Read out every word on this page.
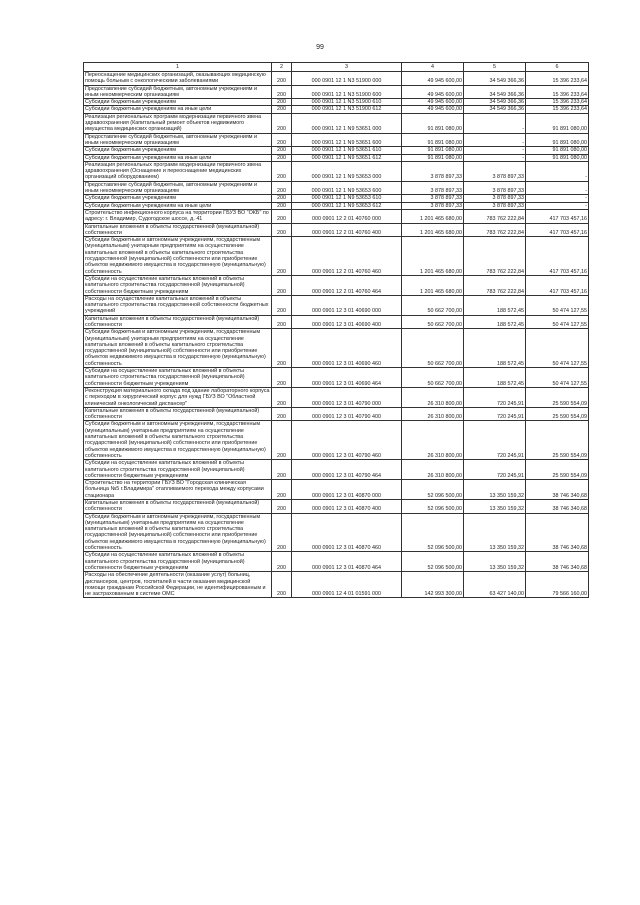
99
1	2	3	4	5	6
Переоснащение медицинских организаций, оказывающих медицинскую помощь больным с онкологическими заболеваниями	200	000 0901 12 1 N3 51900 000	49 945 600,00	34 549 366,36	15 396 233,64
Предоставление субсидий бюджетным, автономным учреждениям и иным некоммерческим организациям	200	000 0901 12 1 N3 51900 600	49 945 600,00	34 549 366,36	15 396 233,64
Субсидии бюджетным учреждениям	200	000 0901 12 1 N3 51900 610	49 945 600,00	34 549 366,36	15 396 233,64
Субсидии бюджетным учреждениям на иные цели	200	000 0901 12 1 N3 51900 612	49 945 600,00	34 549 366,36	15 396 233,64
Реализация региональных программ модернизации первичного звена здравоохранения (Капитальный ремонт объектов недвижимого имущества медицинских организаций)	200	000 0901 12 1 N9 53651 000	91 891 080,00	-	91 891 080,00
Предоставление субсидий бюджетным, автономным учреждениям и иным некоммерческим организациям	200	000 0901 12 1 N9 53651 600	91 891 080,00	-	91 891 080,00
Субсидии бюджетным учреждениям	200	000 0901 12 1 N9 53651 610	91 891 080,00	-	91 891 080,00
Субсидии бюджетным учреждениям на иные цели	200	000 0901 12 1 N9 53651 612	91 891 080,00	-	91 891 080,00
Реализация региональных программ модернизации первичного звена здравоохранения (Оснащение и переоснащение медицинских организаций оборудованием)	200	000 0901 12 1 N9 53653 000	3 878 897,33	3 878 897,33	-
Предоставление субсидий бюджетным, автономным учреждениям и иным некоммерческим организациям	200	000 0901 12 1 N9 53653 600	3 878 897,33	3 878 897,33	-
Субсидии бюджетным учреждениям	200	000 0901 12 1 N9 53653 610	3 878 897,33	3 878 897,33	-
Субсидии бюджетным учреждениям на иные цели	200	000 0901 12 1 N9 53653 612	3 878 897,33	3 878 897,33	-
Строительство инфекционного корпуса на территории ГБУЗ ВО "ОКБ" по адресу: г. Владимир, Судогодское шоссе, д. 41	200	000 0901 12 2 01 40760 000	1 201 465 680,00	783 762 222,84	417 703 457,16
Капитальные вложения в объекты государственной (муниципальной) собственности	200	000 0901 12 2 01 40760 400	1 201 465 680,00	783 762 222,84	417 703 457,16
Субсидии бюджетным и автономным учреждениям, государственным (муниципальным) унитарным предприятиям на осуществление капитальных вложений в объекты капитального строительства государственной (муниципальной) собственности или приобретение объектов недвижимого имущества в государственную (муниципальную) собственность	200	000 0901 12 2 01 40760 460	1 201 465 680,00	783 762 222,84	417 703 457,16
Субсидии на осуществление капитальных вложений в объекты капитального строительства государственной (муниципальной) собственности бюджетным учреждениям	200	000 0901 12 2 01 40760 464	1 201 465 680,00	783 762 222,84	417 703 457,16
Расходы на осуществление капитальных вложений в объекты капитального строительства государственной собственности бюджетных учреждений	200	000 0901 12 3 01 40690 000	50 662 700,00	188 572,45	50 474 127,55
Капитальные вложения в объекты государственной (муниципальной) собственности	200	000 0901 12 3 01 40690 400	50 662 700,00	188 572,45	50 474 127,55
Субсидии бюджетным и автономным учреждениям, государственным (муниципальным) унитарным предприятиям на осуществление капитальных вложений в объекты капитального строительства государственной (муниципальной) собственности или приобретение объектов недвижимого имущества в государственную (муниципальную) собственность	200	000 0901 12 3 01 40690 460	50 662 700,00	188 572,45	50 474 127,55
Субсидии на осуществление капитальных вложений в объекты капитального строительства государственной (муниципальной) собственности бюджетным учреждениям	200	000 0901 12 3 01 40690 464	50 662 700,00	188 572,45	50 474 127,55
Реконструкция материального склада под здание лабораторного корпуса с переходом в хирургический корпус для нужд ГБУЗ ВО "Областной клинический онкологический диспансер"	200	000 0901 12 3 01 40790 000	26 310 800,00	720 245,91	25 590 554,09
Капитальные вложения в объекты государственной (муниципальной) собственности	200	000 0901 12 3 01 40790 400	26 310 800,00	720 245,91	25 590 554,09
Субсидии бюджетным и автономным учреждениям, государственным (муниципальным) унитарным предприятиям на осуществление капитальных вложений в объекты капитального строительства государственной (муниципальной) собственности или приобретение объектов недвижимого имущества в государственную (муниципальную) собственность	200	000 0901 12 3 01 40790 460	26 310 800,00	720 245,91	25 590 554,09
Субсидии на осуществление капитальных вложений в объекты капитального строительства государственной (муниципальной) собственности бюджетным учреждениям	200	000 0901 12 3 01 40790 464	26 310 800,00	720 245,91	25 590 554,09
Строительство на территории ГБУЗ ВО "Городская клиническая больница №5 г.Владимира" отапливаемого перехода между корпусами стационара	200	000 0901 12 3 01 40870 000	52 096 500,00	13 350 159,32	38 746 340,68
Капитальные вложения в объекты государственной (муниципальной) собственности	200	000 0901 12 3 01 40870 400	52 096 500,00	13 350 159,32	38 746 340,68
Субсидии бюджетным и автономным учреждениям, государственным (муниципальным) унитарным предприятиям на осуществление капитальных вложений в объекты капитального строительства государственной (муниципальной) собственности или приобретение объектов недвижимого имущества в государственную (муниципальную) собственность	200	000 0901 12 3 01 40870 460	52 096 500,00	13 350 159,32	38 746 340,68
Субсидии на осуществление капитальных вложений в объекты капитального строительства государственной (муниципальной) собственности бюджетным учреждениям	200	000 0901 12 3 01 40870 464	52 096 500,00	13 350 159,32	38 746 340,68
Расходы на обеспечение деятельности (оказание услуг) больниц, диспансеров, центров, госпиталей в части оказания медицинской помощи гражданам Российской Федерации, не идентифицированным и не застрахованным в системе ОМС	200	000 0901 12 4 01 01591 000	142 993 300,00	63 427 140,00	79 566 160,00
